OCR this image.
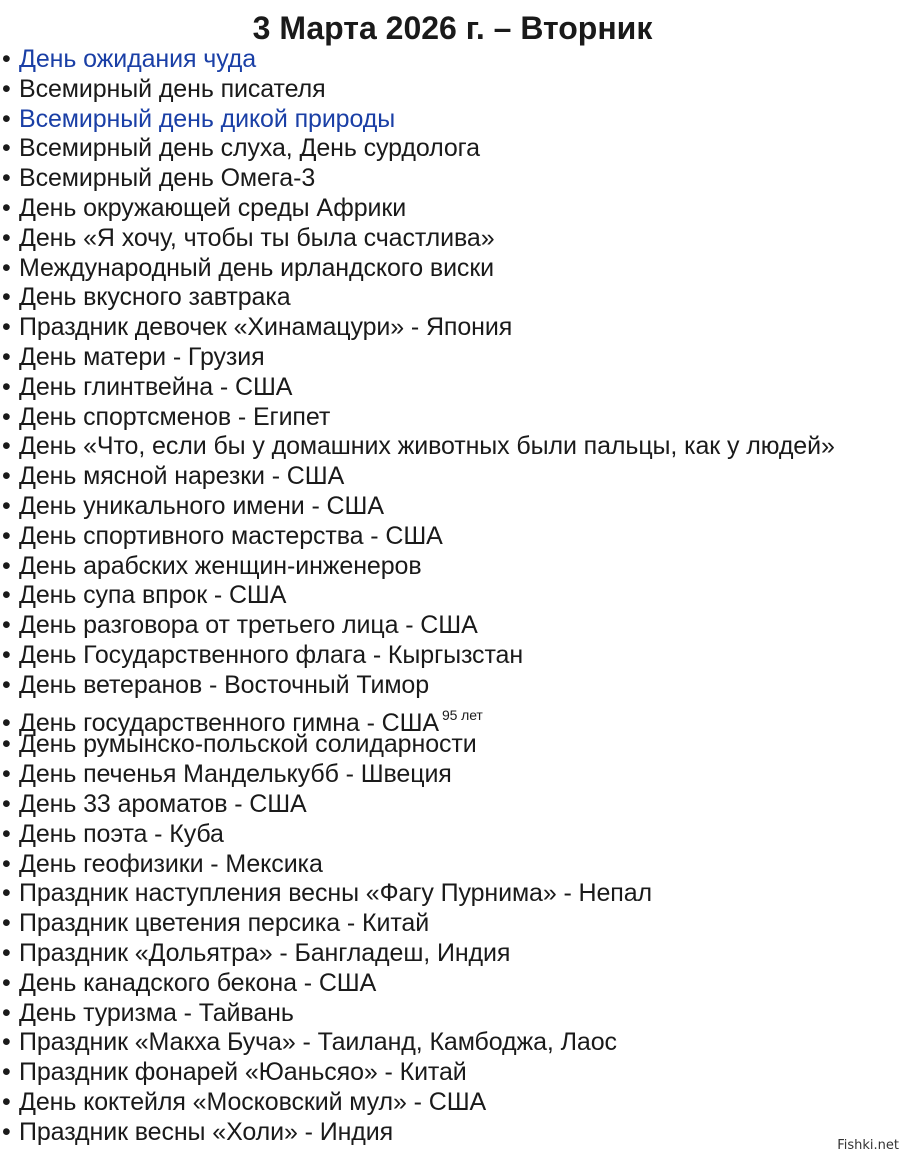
3 Марта 2026 г. – Вторник
• День ожидания чуда
• Всемирный день писателя
• Всемирный день дикой природы
• Всемирный день слуха, День сурдолога
• Всемирный день Омега-3
• День окружающей среды Африки
• День «Я хочу, чтобы ты была счастлива»
• Международный день ирландского виски
• День вкусного завтрака
• Праздник девочек «Хинамацури» - Япония
• День матери - Грузия
• День глинтвейна - США
• День спортсменов - Египет
• День «Что, если бы у домашних животных были пальцы, как у людей»
• День мясной нарезки - США
• День уникального имени - США
• День спортивного мастерства - США
• День арабских женщин-инженеров
• День супа впрок - США
• День разговора от третьего лица - США
• День Государственного флага - Кыргызстан
• День ветеранов - Восточный Тимор
• День государственного гимна - США $^{95 лет}$
• День румынско-польской солидарности
• День печенья Манделькубб - Швеция
• День 33 ароматов - США
• День поэта - Куба
• День геофизики - Мексика
• Праздник наступления весны «Фагу Пурнима» - Непал
• Праздник цветения персика - Китай
• Праздник «Дольятра» - Бангладеш, Индия
• День канадского бекона - США
• День туризма - Тайвань
• Праздник «Макха Буча» - Таиланд, Камбоджа, Лаос
• Праздник фонарей «Юаньсяо» - Китай
• День коктейля «Московский мул» - США
• Праздник весны «Холи» - Индия	Fishki.net
